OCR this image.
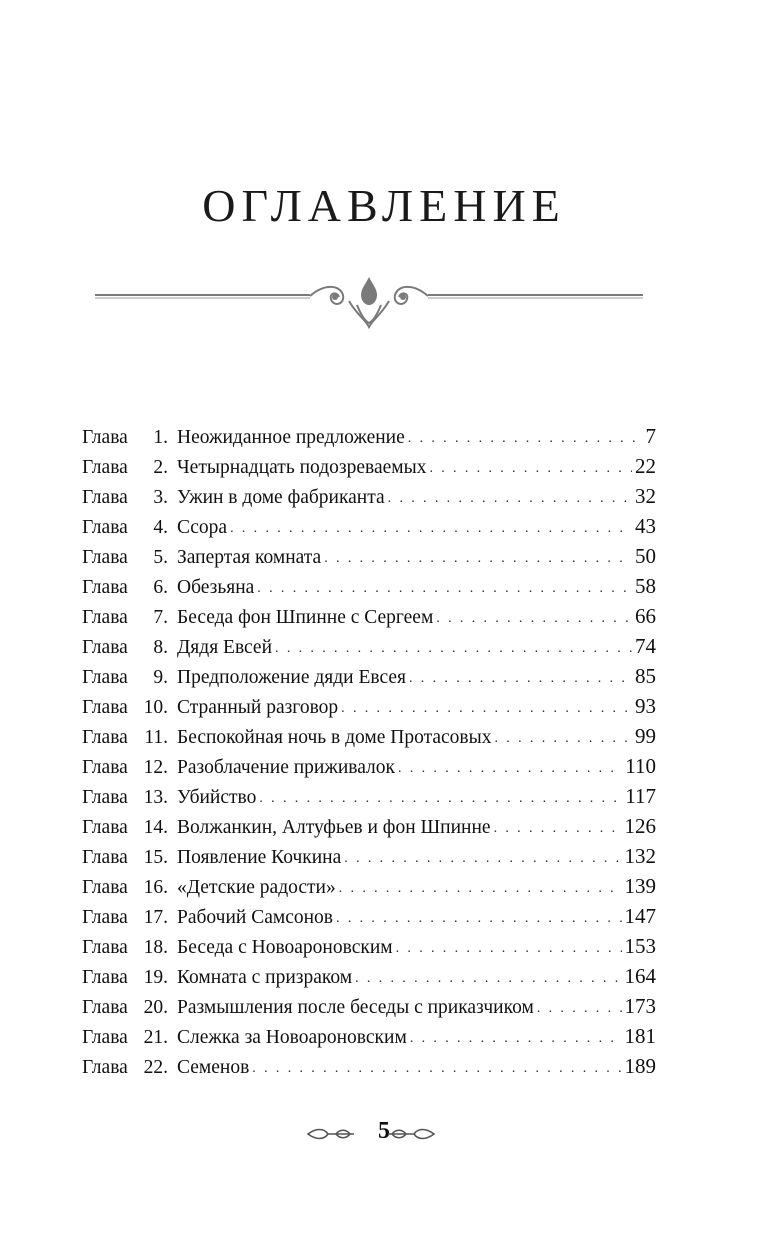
ОГЛАВЛЕНИЕ
Глава	1. Неожиданное предложение . . .	7
Глава	2. Четырнадцать подозреваемых . . .	22
Глава	3. Ужин в доме фабриканта . . .	32
Глава	4. Ссора . . .	43
Глава	5. Запертая комната . . .	50
Глава	6. Обезьяна . . .	58
Глава	7. Беседа фон Шпинне с Сергеем . . .	66
Глава	8. Дядя Евсей . . .	74
Глава	9. Предположение дяди Евсея . . .	85
Глава 10. Странный разговор . . .	93
Глава 11. Беспокойная ночь в доме Протасовых . . .	99
Глава 12. Разоблачение приживалок . . .	110
Глава 13. Убийство . . .	117
Глава 14. Волжанкин, Алтуфьев и фон Шпинне . . .	126
Глава 15. Появление Кочкина . . .	132
Глава 16. «Детские радости» . . .	139
Глава 17. Рабочий Самсонов . . .	147
Глава 18. Беседа с Новоароновским . . .	153
Глава 19. Комната с призраком . . .	164
Глава 20. Размышления после беседы с приказчиком . . .	173
Глава 21. Слежка за Новоароновским . . .	181
Глава 22. Семенов . . .	189
5
